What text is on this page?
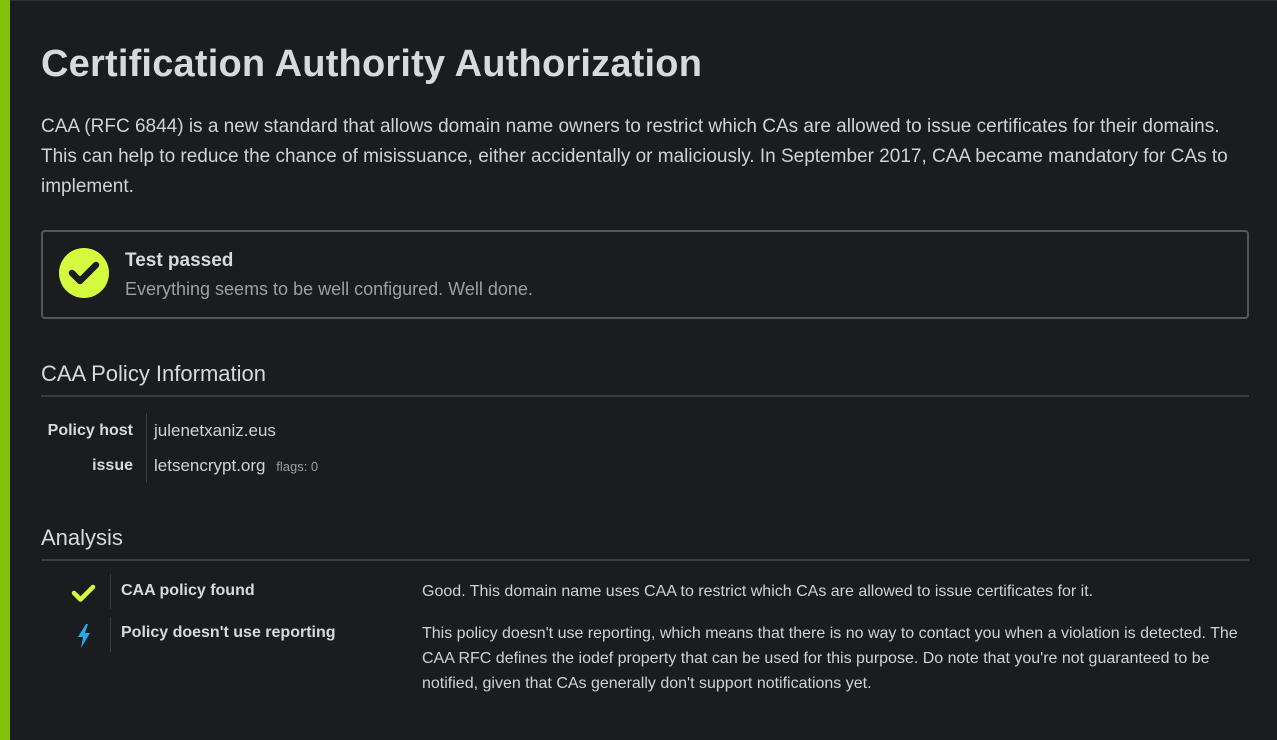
Certification Authority Authorization

CAA (RFC 6844) is a new standard that allows domain name owners to restrict which CAs are allowed to issue certificates for their domains. This can help to reduce the chance of misissuance, either accidentally or maliciously. In September 2017, CAA became mandatory for CAs to implement.

Test passed
Everything seems to be well configured. Well done.
CAA Policy Information
Policy host julenetxaniz.eus
issue letsencrypt.org flags: 0
Analysis
CAA policy found	Good. This domain name uses CAA to restrict which CAs are allowed to issue certificates for it.
Policy doesn't use reporting	This policy doesn't use reporting, which means that there is no way to contact you when a violation is detected. The CAA RFC defines the iodef property that can be used for this purpose. Do note that you're not guaranteed to be notified, given that CAs generally don't support notifications yet.
